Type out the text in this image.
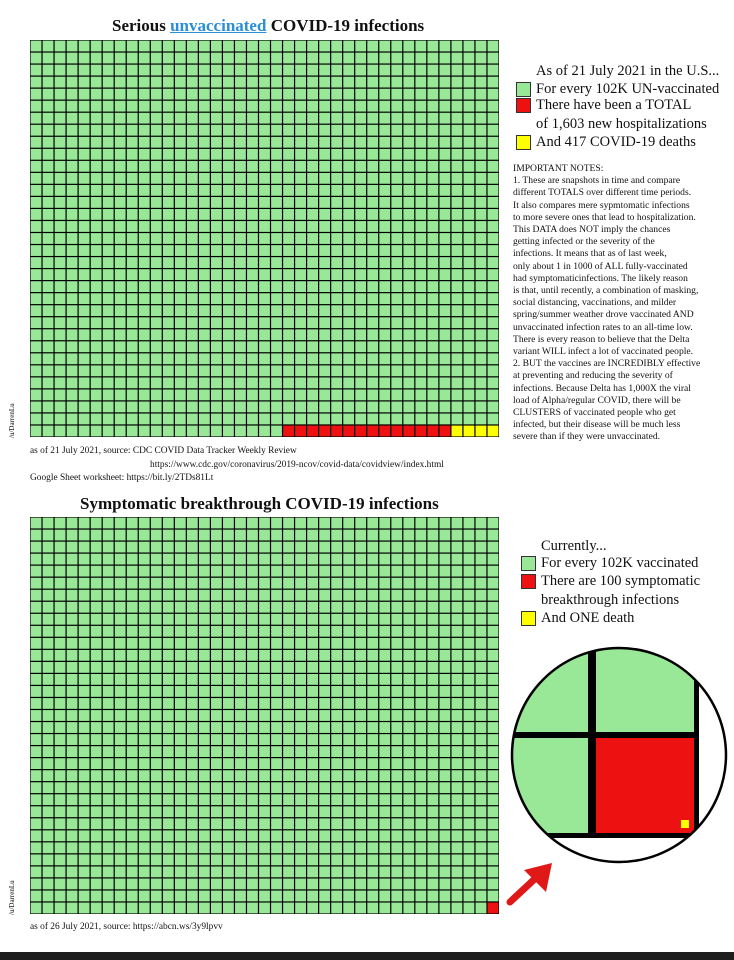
Serious unvaccinated COVID-19 infections
/u/DarrenLu
as of 21 July 2021, source: CDC COVID Data Tracker Weekly Review
https://www.cdc.gov/coronavirus/2019-ncov/covid-data/covidview/index.html
Google Sheet worksheet: https://bit.ly/2TDs81Lt
As of 21 July 2021 in the U.S...
For every 102K UN-vaccinated
There have been a TOTAL
of 1,603 new hospitalizations
And 417 COVID-19 deaths
IMPORTANT NOTES:
1. These are snapshots in time and compare
different TOTALS over different time periods.
It also compares mere sypmtomatic infections
to more severe ones that lead to hospitalization.
This DATA does NOT imply the chances
getting infected or the severity of the
infections. It means that as of last week,
only about 1 in 1000 of ALL fully-vaccinated
had symptomaticinfections. The likely reason
is that, until recently, a combination of masking,
social distancing, vaccinations, and milder
spring/summer weather drove vaccinated AND
unvaccinated infection rates to an all-time low.
There is every reason to believe that the Delta
variant WILL infect a lot of vaccinated people.
2. BUT the vaccines are INCREDIBLY effective
at preventing and reducing the severity of
infections. Because Delta has 1,000X the viral
load of Alpha/regular COVID, there will be
CLUSTERS of vaccinated people who get
infected, but their disease will be much less
severe than if they were unvaccinated.
Symptomatic breakthrough COVID-19 infections
/u/DarrenLu
as of 26 July 2021, source: https://abcn.ws/3y9lpvv
Currently...
For every 102K vaccinated
There are 100 symptomatic
breakthrough infections
And ONE death
